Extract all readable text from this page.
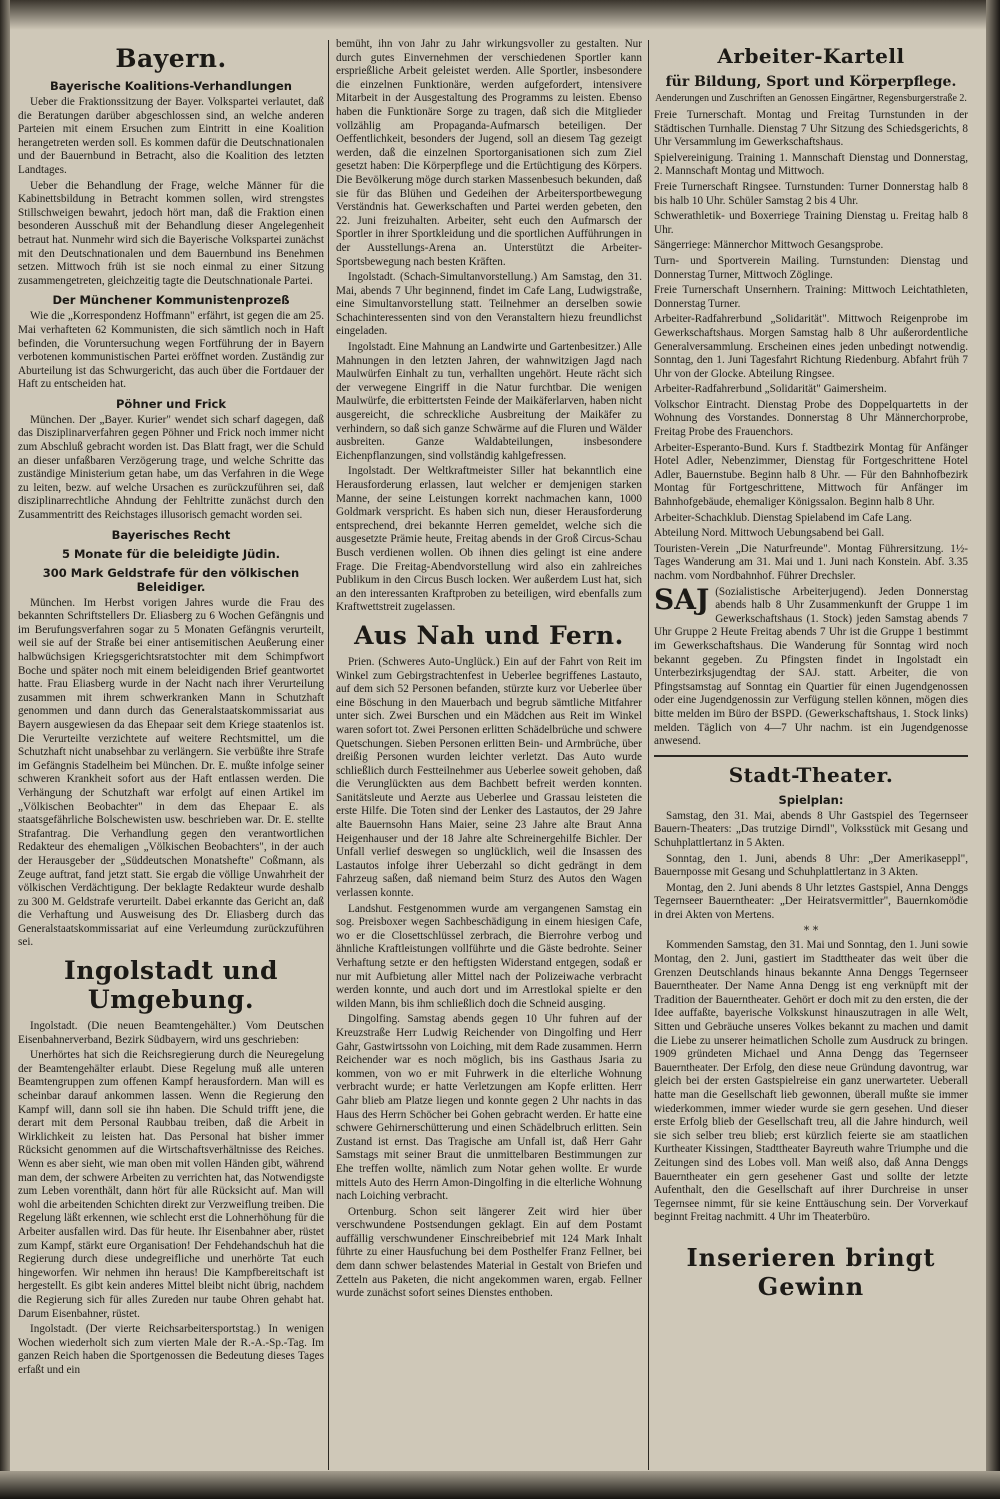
Bayern.
Bayerische Koalitions-Verhandlungen

Ueber die Fraktionssitzung der Bayer. Volkspartei verlautet, daß die Beratungen darüber abgeschlossen sind, an welche anderen Parteien mit einem Ersuchen zum Eintritt in eine Koalition herangetreten werden soll. Es kommen dafür die Deutschnationalen und der Bauernbund in Betracht, also die Koalition des letzten Landtages.

Ueber die Behandlung der Frage, welche Männer für die Kabinettsbildung in Betracht kommen sollen, wird strengstes Stillschweigen bewahrt, jedoch hört man, daß die Fraktion einen besonderen Ausschuß mit der Behandlung dieser Angelegenheit betraut hat. Nunmehr wird sich die Bayerische Volkspartei zunächst mit den Deutschnationalen und dem Bauernbund ins Benehmen setzen. Mittwoch früh ist sie noch einmal zu einer Sitzung zusammengetreten, gleichzeitig tagte die Deutschnationale Partei.

Der Münchener Kommunistenprozeß

Wie die „Korrespondenz Hoffmann" erfährt, ist gegen die am 25. Mai verhafteten 62 Kommunisten, die sich sämtlich noch in Haft befinden, die Voruntersuchung wegen Fortführung der in Bayern verbotenen kommunistischen Partei eröffnet worden. Zuständig zur Aburteilung ist das Schwurgericht, das auch über die Fortdauer der Haft zu entscheiden hat.

Pöhner und Frick

München. Der „Bayer. Kurier" wendet sich scharf dagegen, daß das Disziplinarverfahren gegen Pöhner und Frick noch immer nicht zum Abschluß gebracht worden ist. Das Blatt fragt, wer die Schuld an dieser unfaßbaren Verzögerung trage, und welche Schritte das zuständige Ministerium getan habe, um das Verfahren in die Wege zu leiten, bezw. auf welche Ursachen es zurückzuführen sei, daß disziplinarrechtliche Ahndung der Fehltritte zunächst durch den Zusammentritt des Reichstages illusorisch gemacht worden sei.

Bayerisches Recht
5 Monate für die beleidigte Jüdin.
300 Mark Geldstrafe für den völkischen Beleidiger.

München. Im Herbst vorigen Jahres wurde die Frau des bekannten Schriftstellers Dr. Eliasberg zu 6 Wochen Gefängnis und im Berufungsverfahren sogar zu 5 Monaten Gefängnis verurteilt, weil sie auf der Straße bei einer antisemitischen Aeußerung einer halbwüchsigen Kriegsgerichtsratstochter mit dem Schimpfwort Boche und später noch mit einem beleidigenden Brief geantwortet hatte. Frau Eliasberg wurde in der Nacht nach ihrer Verurteilung zusammen mit ihrem schwerkranken Mann in Schutzhaft genommen und dann durch das Generalstaatskommissariat aus Bayern ausgewiesen da das Ehepaar seit dem Kriege staatenlos ist. Die Verurteilte verzichtete auf weitere Rechtsmittel, um die Schutzhaft nicht unabsehbar zu verlängern. Sie verbüßte ihre Strafe im Gefängnis Stadelheim bei München. Dr. E. mußte infolge seiner schweren Krankheit sofort aus der Haft entlassen werden. Die Verhängung der Schutzhaft war erfolgt auf einen Artikel im „Völkischen Beobachter" in dem das Ehepaar E. als staatsgefährliche Bolschewisten usw. beschrieben war. Dr. E. stellte Strafantrag. Die Verhandlung gegen den verantwortlichen Redakteur des ehemaligen „Völkischen Beobachters", in der auch der Herausgeber der „Süddeutschen Monatshefte" Coßmann, als Zeuge auftrat, fand jetzt statt. Sie ergab die völlige Unwahrheit der völkischen Verdächtigung. Der beklagte Redakteur wurde deshalb zu 300 M. Geldstrafe verurteilt. Dabei erkannte das Gericht an, daß die Verhaftung und Ausweisung des Dr. Eliasberg durch das Generalstaatskommissariat auf eine Verleumdung zurückzuführen sei.

Ingolstadt und Umgebung.

Ingolstadt. (Die neuen Beamtengehälter.) Vom Deutschen Eisenbahnerverband, Bezirk Südbayern, wird uns geschrieben:

Unerhörtes hat sich die Reichsregierung durch die Neuregelung der Beamtengehälter erlaubt. Diese Regelung muß alle unteren Beamtengruppen zum offenen Kampf herausfordern. Man will es scheinbar darauf ankommen lassen. Wenn die Regierung den Kampf will, dann soll sie ihn haben. Die Schuld trifft jene, die derart mit dem Personal Raubbau treiben, daß die Arbeit in Wirklichkeit zu leisten hat. Das Personal hat bisher immer Rücksicht genommen auf die Wirtschaftsverhältnisse des Reiches. Wenn es aber sieht, wie man oben mit vollen Händen gibt, während man dem, der schwere Arbeiten zu verrichten hat, das Notwendigste zum Leben vorenthält, dann hört für alle Rücksicht auf. Man will wohl die arbeitenden Schichten direkt zur Verzweiflung treiben. Die Regelung läßt erkennen, wie schlecht erst die Lohnerhöhung für die Arbeiter ausfallen wird. Das für heute. Ihr Eisenbahner aber, rüstet zum Kampf, stärkt eure Organisation! Der Fehdehandschuh hat die Regierung durch diese undegreifliche und unerhörte Tat euch hingeworfen. Wir nehmen ihn heraus! Die Kampfbereitschaft ist hergestellt. Es gibt kein anderes Mittel bleibt nicht übrig, nachdem die Regierung sich für alles Zureden nur taube Ohren gehabt hat. Darum Eisenbahner, rüstet.

Ingolstadt. (Der vierte Reichsarbeitersportstag.) In wenigen Wochen wiederholt sich zum vierten Male der R.-A.-Sp.-Tag. Im ganzen Reich haben die Sportgenossen die Bedeutung dieses Tages erfaßt und ein

bemüht, ihn von Jahr zu Jahr wirkungsvoller zu gestalten. Nur durch gutes Einvernehmen der verschiedenen Sportler kann ersprießliche Arbeit geleistet werden. Alle Sportler, insbesondere die einzelnen Funktionäre, werden aufgefordert, intensivere Mitarbeit in der Ausgestaltung des Programms zu leisten. Ebenso haben die Funktionäre Sorge zu tragen, daß sich die Mitglieder vollzählig am Propaganda-Aufmarsch beteiligen. Der Oeffentlichkeit, besonders der Jugend, soll an diesem Tag gezeigt werden, daß die einzelnen Sportorganisationen sich zum Ziel gesetzt haben: Die Körperpflege und die Ertüchtigung des Körpers. Die Bevölkerung möge durch starken Massenbesuch bekunden, daß sie für das Blühen und Gedeihen der Arbeitersportbewegung Verständnis hat. Gewerkschaften und Partei werden gebeten, den 22. Juni freizuhalten. Arbeiter, seht euch den Aufmarsch der Sportler in ihrer Sportkleidung und die sportlichen Aufführungen in der Ausstellungs-Arena an. Unterstützt die Arbeiter-Sportsbewegung nach besten Kräften.

Ingolstadt. (Schach-Simultanvorstellung.) Am Samstag, den 31. Mai, abends 7 Uhr beginnend, findet im Cafe Lang, Ludwigstraße, eine Simultanvorstellung statt. Teilnehmer an derselben sowie Schachinteressenten sind von den Veranstaltern hiezu freundlichst eingeladen.

Ingolstadt. Eine Mahnung an Landwirte und Gartenbesitzer.) Alle Mahnungen in den letzten Jahren, der wahnwitzigen Jagd nach Maulwürfen Einhalt zu tun, verhallten ungehört. Heute rächt sich der verwegene Eingriff in die Natur furchtbar. Die wenigen Maulwürfe, die erbittertsten Feinde der Maikäferlarven, haben nicht ausgereicht, die schreckliche Ausbreitung der Maikäfer zu verhindern, so daß sich ganze Schwärme auf die Fluren und Wälder ausbreiten. Ganze Waldabteilungen, insbesondere Eichenpflanzungen, sind vollständig kahlgefressen.

Ingolstadt. Der Weltkraftmeister Siller hat bekanntlich eine Herausforderung erlassen, laut welcher er demjenigen starken Manne, der seine Leistungen korrekt nachmachen kann, 1000 Goldmark verspricht. Es haben sich nun, dieser Herausforderung entsprechend, drei bekannte Herren gemeldet, welche sich die ausgesetzte Prämie heute, Freitag abends in der Groß Circus-Schau Busch verdienen wollen. Ob ihnen dies gelingt ist eine andere Frage. Die Freitag-Abendvorstellung wird also ein zahlreiches Publikum in den Circus Busch locken. Wer außerdem Lust hat, sich an den interessanten Kraftproben zu beteiligen, wird ebenfalls zum Kraftwettstreit zugelassen.

Aus Nah und Fern.

Prien. (Schweres Auto-Unglück.) Ein auf der Fahrt von Reit im Winkel zum Gebirgstrachtenfest in Ueberlee begriffenes Lastauto, auf dem sich 52 Personen befanden, stürzte kurz vor Ueberlee über eine Böschung in den Mauerbach und begrub sämtliche Mitfahrer unter sich. Zwei Burschen und ein Mädchen aus Reit im Winkel waren sofort tot. Zwei Personen erlitten Schädelbrüche und schwere Quetschungen. Sieben Personen erlitten Bein- und Armbrüche, über dreißig Personen wurden leichter verletzt. Das Auto wurde schließlich durch Festteilnehmer aus Ueberlee soweit gehoben, daß die Verunglückten aus dem Bachbett befreit werden konnten. Sanitätsleute und Aerzte aus Ueberlee und Grassau leisteten die erste Hilfe. Die Toten sind der Lenker des Lastautos, der 29 Jahre alte Bauernsohn Hans Maier, seine 23 Jahre alte Braut Anna Heigenhauser und der 18 Jahre alte Schreinergehilfe Bichler. Der Unfall verlief deswegen so unglücklich, weil die Insassen des Lastautos infolge ihrer Ueberzahl so dicht gedrängt in dem Fahrzeug saßen, daß niemand beim Sturz des Autos den Wagen verlassen konnte.

Landshut. Festgenommen wurde am vergangenen Samstag ein sog. Preisboxer wegen Sachbeschädigung in einem hiesigen Cafe, wo er die Closettschlüssel zerbrach, die Bierrohre verbog und ähnliche Kraftleistungen vollführte und die Gäste bedrohte. Seiner Verhaftung setzte er den heftigsten Widerstand entgegen, sodaß er nur mit Aufbietung aller Mittel nach der Polizeiwache verbracht werden konnte, und auch dort und im Arrestlokal spielte er den wilden Mann, bis ihm schließlich doch die Schneid ausging.

Dingolfing. Samstag abends gegen 10 Uhr fuhren auf der Kreuzstraße Herr Ludwig Reichender von Dingolfing und Herr Gahr, Gastwirtssohn von Loiching, mit dem Rade zusammen. Herrn Reichender war es noch möglich, bis ins Gasthaus Jsaria zu kommen, von wo er mit Fuhrwerk in die elterliche Wohnung verbracht wurde; er hatte Verletzungen am Kopfe erlitten. Herr Gahr blieb am Platze liegen und konnte gegen 2 Uhr nachts in das Haus des Herrn Schöcher bei Gohen gebracht werden. Er hatte eine schwere Gehirnerschütterung und einen Schädelbruch erlitten. Sein Zustand ist ernst. Das Tragische am Unfall ist, daß Herr Gahr Samstags mit seiner Braut die unmittelbaren Bestimmungen zur Ehe treffen wollte, nämlich zum Notar gehen wollte. Er wurde mittels Auto des Herrn Amon-Dingolfing in die elterliche Wohnung nach Loiching verbracht.

Ortenburg. Schon seit längerer Zeit wird hier über verschwundene Postsendungen geklagt. Ein auf dem Postamt auffällig verschwundener Einschreibebrief mit 124 Mark Inhalt führte zu einer Hausfuchung bei dem Posthelfer Franz Fellner, bei dem dann schwer belastendes Material in Gestalt von Briefen und Zetteln aus Paketen, die nicht angekommen waren, ergab. Fellner wurde zunächst sofort seines Dienstes enthoben.

Arbeiter-Kartell
für Bildung, Sport und Körperpflege.
Aenderungen und Zuschriften an Genossen Eingärtner, Regensburgerstraße 2.

Freie Turnerschaft. Montag und Freitag Turnstunden in der Städtischen Turnhalle. Dienstag 7 Uhr Sitzung des Schiedsgerichts, 8 Uhr Versammlung im Gewerkschaftshaus.

Spielvereinigung. Training 1. Mannschaft Dienstag und Donnerstag, 2. Mannschaft Montag und Mittwoch.

Freie Turnerschaft Ringsee. Turnstunden: Turner Donnerstag halb 8 bis halb 10 Uhr. Schüler Samstag 2 bis 4 Uhr.

Schwerathletik- und Boxerriege Training Dienstag u. Freitag halb 8 Uhr.

Sängerriege: Männerchor Mittwoch Gesangsprobe.

Turn- und Sportverein Mailing. Turnstunden: Dienstag und Donnerstag Turner, Mittwoch Zöglinge.

Freie Turnerschaft Unsernhern. Training: Mittwoch Leichtathleten, Donnerstag Turner.

Arbeiter-Radfahrerbund „Solidarität". Mittwoch Reigenprobe im Gewerkschaftshaus. Morgen Samstag halb 8 Uhr außerordentliche Generalversammlung. Erscheinen eines jeden unbedingt notwendig. Sonntag, den 1. Juni Tagesfahrt Richtung Riedenburg. Abfahrt früh 7 Uhr von der Glocke. Abteilung Ringsee.

Arbeiter-Radfahrerbund „Solidarität" Gaimersheim.

Volkschor Eintracht. Dienstag Probe des Doppelquartetts in der Wohnung des Vorstandes. Donnerstag 8 Uhr Männerchorprobe, Freitag Probe des Frauenchors.

Arbeiter-Esperanto-Bund. Kurs f. Stadtbezirk Montag für Anfänger Hotel Adler, Nebenzimmer, Dienstag für Fortgeschrittene Hotel Adler, Bauernstube. Beginn halb 8 Uhr. — Für den Bahnhofbezirk Montag für Fortgeschrittene, Mittwoch für Anfänger im Bahnhofgebäude, ehemaliger Königssalon. Beginn halb 8 Uhr.

Arbeiter-Schachklub. Dienstag Spielabend im Cafe Lang.

Abteilung Nord. Mittwoch Uebungsabend bei Gall.

Touristen-Verein „Die Naturfreunde". Montag Führersitzung. 1½-Tages Wanderung am 31. Mai und 1. Juni nach Konstein. Abf. 3.35 nachm. vom Nordbahnhof. Führer Drechsler.

SAJ (Sozialistische Arbeiterjugend). Jeden Donnerstag abends halb 8 Uhr Zusammenkunft der Gruppe 1 im Gewerkschaftshaus (1. Stock) jeden Samstag abends 7 Uhr Gruppe 2 Heute Freitag abends 7 Uhr ist die Gruppe 1 bestimmt im Gewerkschaftshaus. Die Wanderung für Sonntag wird noch bekannt gegeben. Zu Pfingsten findet in Ingolstadt ein Unterbezirksjugendtag der SAJ. statt. Arbeiter, die von Pfingstsamstag auf Sonntag ein Quartier für einen Jugendgenossen oder eine Jugendgenossin zur Verfügung stellen können, mögen dies bitte melden im Büro der BSPD. (Gewerkschaftshaus, 1. Stock links) melden. Täglich von 4—7 Uhr nachm. ist ein Jugendgenosse anwesend.

Stadt-Theater.
Spielplan:

Samstag, den 31. Mai, abends 8 Uhr Gastspiel des Tegernseer Bauern-Theaters: „Das trutzige Dirndl", Volksstück mit Gesang und Schuhplattlertanz in 5 Akten.

Sonntag, den 1. Juni, abends 8 Uhr: „Der Amerikaseppl", Bauernposse mit Gesang und Schuhplattlertanz in 3 Akten.

Montag, den 2. Juni abends 8 Uhr letztes Gastspiel, Anna Denggs Tegernseer Bauerntheater: „Der Heiratsvermittler", Bauernkomödie in drei Akten von Mertens.

* *

Kommenden Samstag, den 31. Mai und Sonntag, den 1. Juni sowie Montag, den 2. Juni, gastiert im Stadttheater das weit über die Grenzen Deutschlands hinaus bekannte Anna Denggs Tegernseer Bauerntheater. Der Name Anna Dengg ist eng verknüpft mit der Tradition der Bauerntheater. Gehört er doch mit zu den ersten, die der Idee auffaßte, bayerische Volkskunst hinauszutragen in alle Welt, Sitten und Gebräuche unseres Volkes bekannt zu machen und damit die Liebe zu unserer heimatlichen Scholle zum Ausdruck zu bringen. 1909 gründeten Michael und Anna Dengg das Tegernseer Bauerntheater. Der Erfolg, den diese neue Gründung davontrug, war gleich bei der ersten Gastspielreise ein ganz unerwarteter. Ueberall hatte man die Gesellschaft lieb gewonnen, überall mußte sie immer wiederkommen, immer wieder wurde sie gern gesehen. Und dieser erste Erfolg blieb der Gesellschaft treu, all die Jahre hindurch, weil sie sich selber treu blieb; erst kürzlich feierte sie am staatlichen Kurtheater Kissingen, Stadttheater Bayreuth wahre Triumphe und die Zeitungen sind des Lobes voll. Man weiß also, daß Anna Denggs Bauerntheater ein gern gesehener Gast und sollte der letzte Aufenthalt, den die Gesellschaft auf ihrer Durchreise in unser Tegernsee nimmt, für sie keine Enttäuschung sein. Der Vorverkauf beginnt Freitag nachmitt. 4 Uhr im Theaterbüro.

Inserieren bringt Gewinn
